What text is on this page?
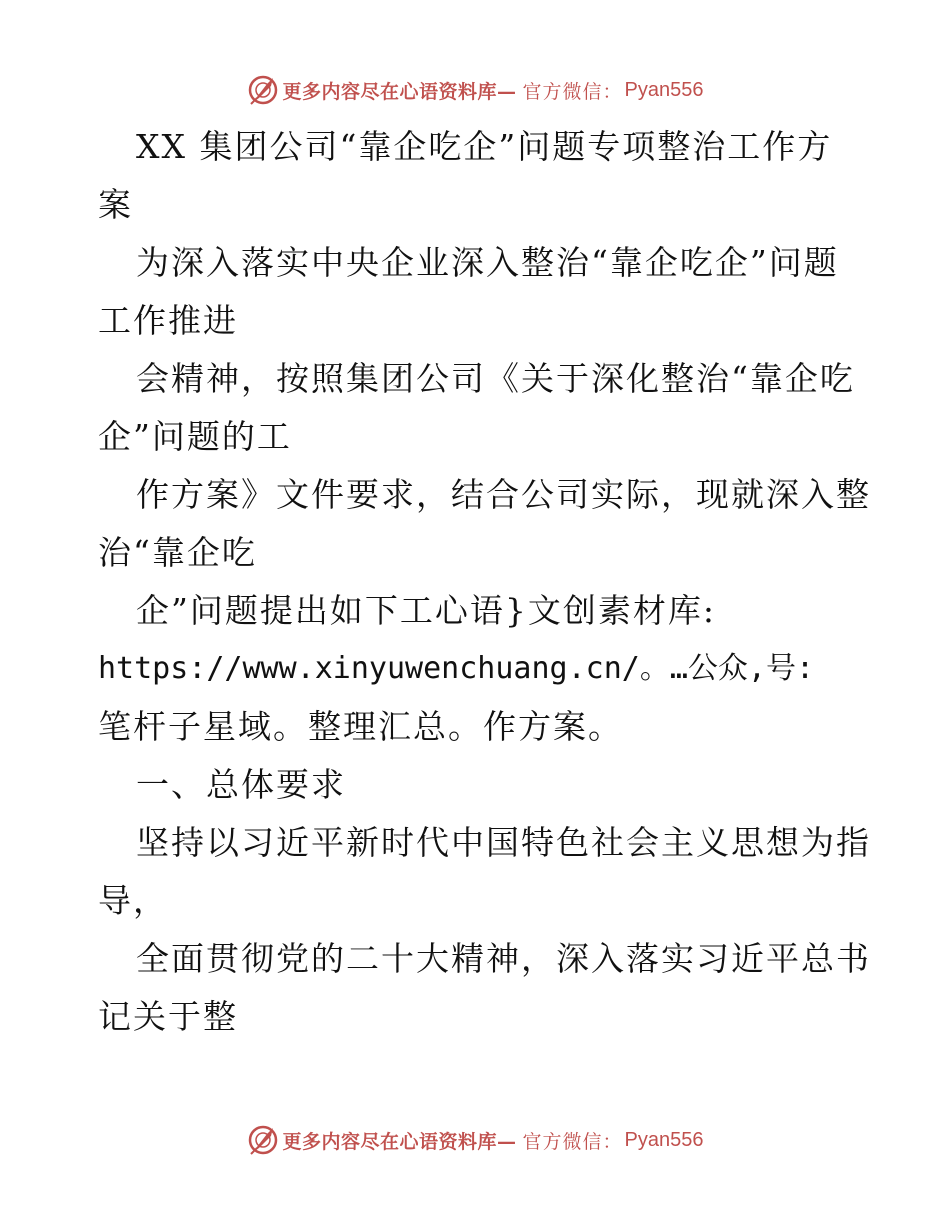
更多内容尽在心语资料库— 官方微信： Pyan556
XX 集团公司“靠企吃企”问题专项整治工作方
案
为深入落实中央企业深入整治“靠企吃企”问题
工作推进
会精神，按照集团公司《关于深化整治“靠企吃
企”问题的工
作方案》文件要求，结合公司实际，现就深入整
治“靠企吃
企”问题提出如下工心语}文创素材库:
https://www.xinyuwenchuang.cn/。…公众,号:
笔杆子星域。整理汇总。作方案。
一、总体要求
坚持以习近平新时代中国特色社会主义思想为指
导，
全面贯彻党的二十大精神，深入落实习近平总书
记关于整
更多内容尽在心语资料库— 官方微信： Pyan556
